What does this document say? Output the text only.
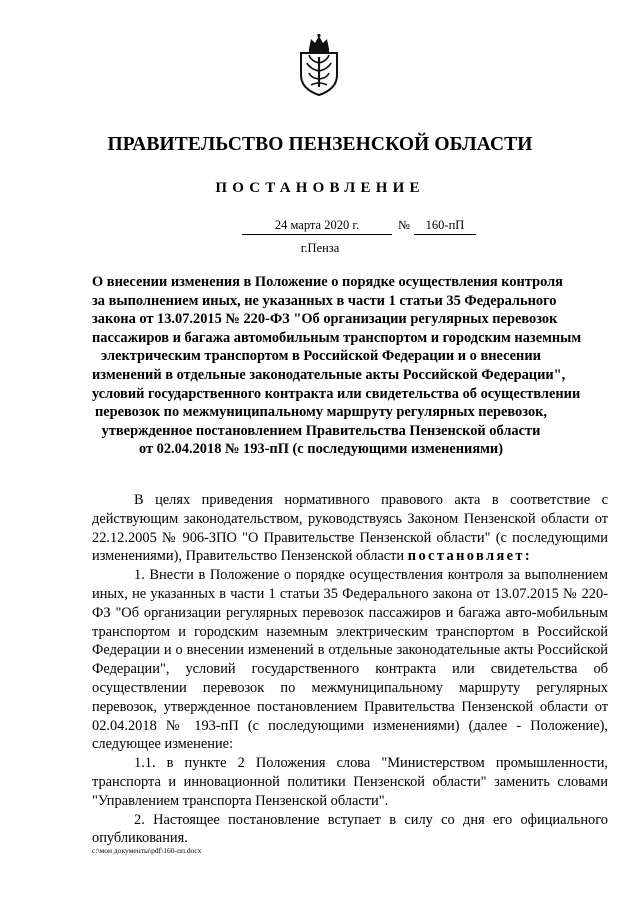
ПРАВИТЕЛЬСТВО ПЕНЗЕНСКОЙ ОБЛАСТИ
ПОСТАНОВЛЕНИЕ
24 марта 2020 г.	№	160-пП
г.Пенза
О внесении изменения в Положение о порядке осуществления контроля
за выполнением иных, не указанных в части 1 статьи 35 Федерального
закона от 13.07.2015 № 220-ФЗ "Об организации регулярных перевозок
пассажиров и багажа автомобильным транспортом и городским наземным
электрическим транспортом в Российской Федерации и о внесении
изменений в отдельные законодательные акты Российской Федерации",
условий государственного контракта или свидетельства об осуществлении
перевозок по межмуниципальному маршруту регулярных перевозок,
утвержденное постановлением Правительства Пензенской области
от 02.04.2018 № 193-пП (с последующими изменениями)
В целях приведения нормативного правового акта в соответствие с действующим законодательством, руководствуясь Законом Пензенской области от 22.12.2005 № 906-ЗПО "О Правительстве Пензенской области" (с последующими изменениями), Правительство Пензенской области постановляет:
1. Внести в Положение о порядке осуществления контроля за выполнением иных, не указанных в части 1 статьи 35 Федерального закона от 13.07.2015 № 220-ФЗ "Об организации регулярных перевозок пассажиров и багажа авто-мобильным транспортом и городским наземным электрическим транспортом в Российской Федерации и о внесении изменений в отдельные законодательные акты Российской Федерации", условий государственного контракта или свидетельства об осуществлении перевозок по межмуниципальному маршруту регулярных перевозок, утвержденное постановлением Правительства Пензенской области от 02.04.2018 № 193-пП (с последующими изменениями) (далее - Положение), следующее изменение:
1.1. в пункте 2 Положения слова "Министерством промышленности, транспорта и инновационной политики Пензенской области" заменить словами "Управлением транспорта Пензенской области".
2. Настоящее постановление вступает в силу со дня его официального опубликования.
c:\мои документы\pdf\160-пп.docx
